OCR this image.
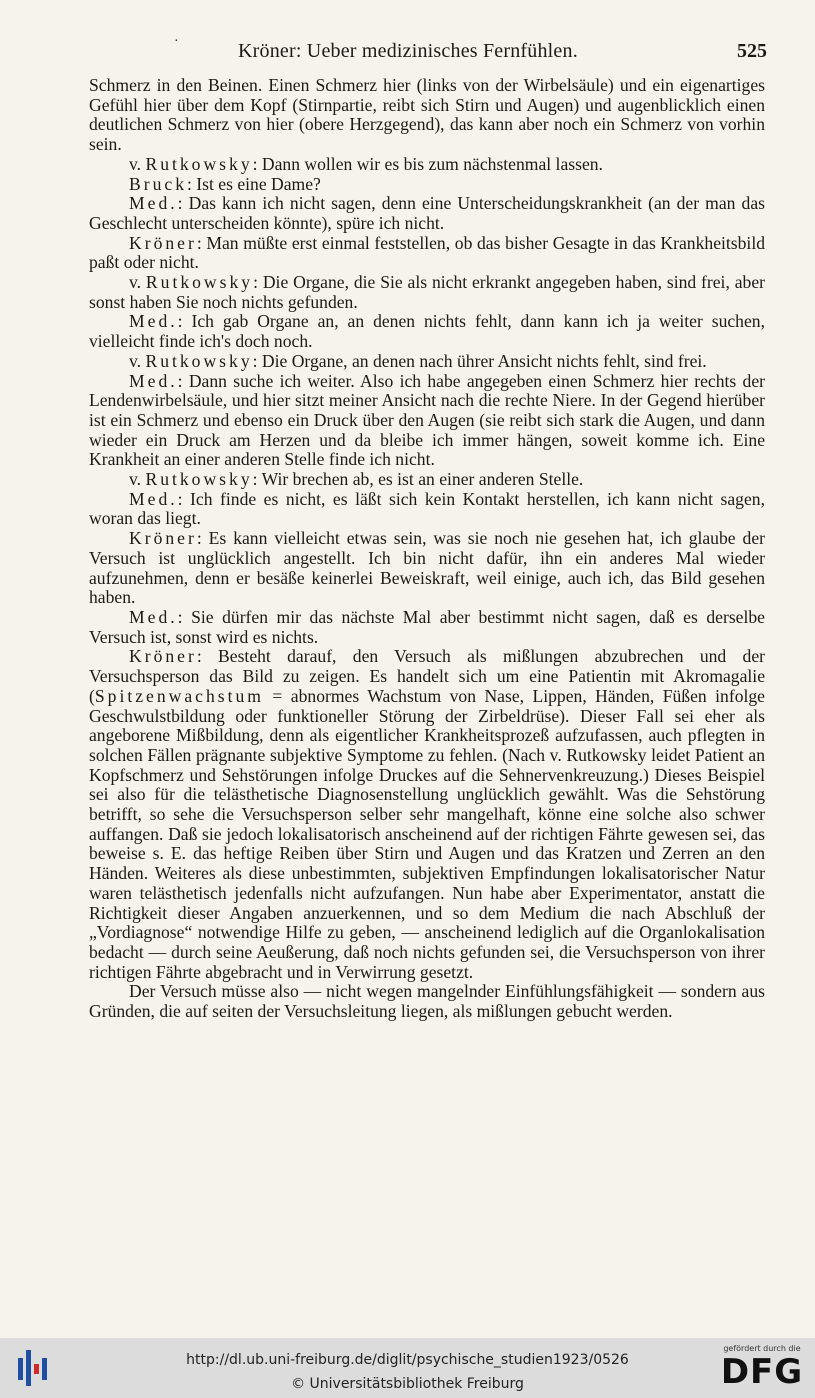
·	Kröner: Ueber medizinisches Fernfühlen.	525

Schmerz in den Beinen. Einen Schmerz hier (links von der Wirbelsäule) und ein eigenartiges Gefühl hier über dem Kopf (Stirnpartie, reibt sich Stirn und Augen) und augenblicklich einen deutlichen Schmerz von hier (obere Herzgegend), das kann aber noch ein Schmerz von vorhin sein.

v. Rutkowsky: Dann wollen wir es bis zum nächstenmal lassen.

Bruck: Ist es eine Dame?

Med.: Das kann ich nicht sagen, denn eine Unterscheidungskrankheit (an der man das Geschlecht unterscheiden könnte), spüre ich nicht.

Kröner: Man müßte erst einmal feststellen, ob das bisher Gesagte in das Krankheitsbild paßt oder nicht.

v. Rutkowsky: Die Organe, die Sie als nicht erkrankt angegeben haben, sind frei, aber sonst haben Sie noch nichts gefunden.

Med.: Ich gab Organe an, an denen nichts fehlt, dann kann ich ja weiter suchen, vielleicht finde ich's doch noch.

v. Rutkowsky: Die Organe, an denen nach ührer Ansicht nichts fehlt, sind frei.

Med.: Dann suche ich weiter. Also ich habe angegeben einen Schmerz hier rechts der Lendenwirbelsäule, und hier sitzt meiner Ansicht nach die rechte Niere. In der Gegend hierüber ist ein Schmerz und ebenso ein Druck über den Augen (sie reibt sich stark die Augen, und dann wieder ein Druck am Herzen und da bleibe ich immer hängen, soweit komme ich. Eine Krankheit an einer anderen Stelle finde ich nicht.

v. Rutkowsky: Wir brechen ab, es ist an einer anderen Stelle.

Med.: Ich finde es nicht, es läßt sich kein Kontakt herstellen, ich kann nicht sagen, woran das liegt.

Kröner: Es kann vielleicht etwas sein, was sie noch nie gesehen hat, ich glaube der Versuch ist unglücklich angestellt. Ich bin nicht dafür, ihn ein anderes Mal wieder aufzunehmen, denn er besäße keinerlei Beweiskraft, weil einige, auch ich, das Bild gesehen haben.

Med.: Sie dürfen mir das nächste Mal aber bestimmt nicht sagen, daß es derselbe Versuch ist, sonst wird es nichts.

Kröner: Besteht darauf, den Versuch als mißlungen abzubrechen und der Versuchsperson das Bild zu zeigen. Es handelt sich um eine Patientin mit Akromagalie (Spitzenwachstum = abnormes Wachstum von Nase, Lippen, Händen, Füßen infolge Geschwulstbildung oder funktioneller Störung der Zirbeldrüse). Dieser Fall sei eher als angeborene Mißbildung, denn als eigentlicher Krankheitsprozeß aufzufassen, auch pflegten in solchen Fällen prägnante subjektive Symptome zu fehlen. (Nach v. Rutkowsky leidet Patient an Kopfschmerz und Sehstörungen infolge Druckes auf die Sehnervenkreuzung.) Dieses Beispiel sei also für die telästhetische Diagnosenstellung unglücklich gewählt. Was die Sehstörung betrifft, so sehe die Versuchsperson selber sehr mangelhaft, könne eine solche also schwer auffangen. Daß sie jedoch lokalisatorisch anscheinend auf der richtigen Fährte gewesen sei, das beweise s. E. das heftige Reiben über Stirn und Augen und das Kratzen und Zerren an den Händen. Weiteres als diese unbestimmten, subjektiven Empfindungen lokalisatorischer Natur waren telästhetisch jedenfalls nicht aufzufangen. Nun habe aber Experimentator, anstatt die Richtigkeit dieser Angaben anzuerkennen, und so dem Medium die nach Abschluß der „Vordiagnose“ notwendige Hilfe zu geben, — anscheinend lediglich auf die Organlokalisation bedacht — durch seine Aeußerung, daß noch nichts gefunden sei, die Versuchsperson von ihrer richtigen Fährte abgebracht und in Verwirrung gesetzt.

Der Versuch müsse also — nicht wegen mangelnder Einfühlungsfähigkeit — sondern aus Gründen, die auf seiten der Versuchsleitung liegen, als mißlungen gebucht werden.

http://dl.ub.uni-freiburg.de/diglit/psychische_studien1923/0526
© Universitätsbibliothek Freiburg
gefördert durch die
DFG
